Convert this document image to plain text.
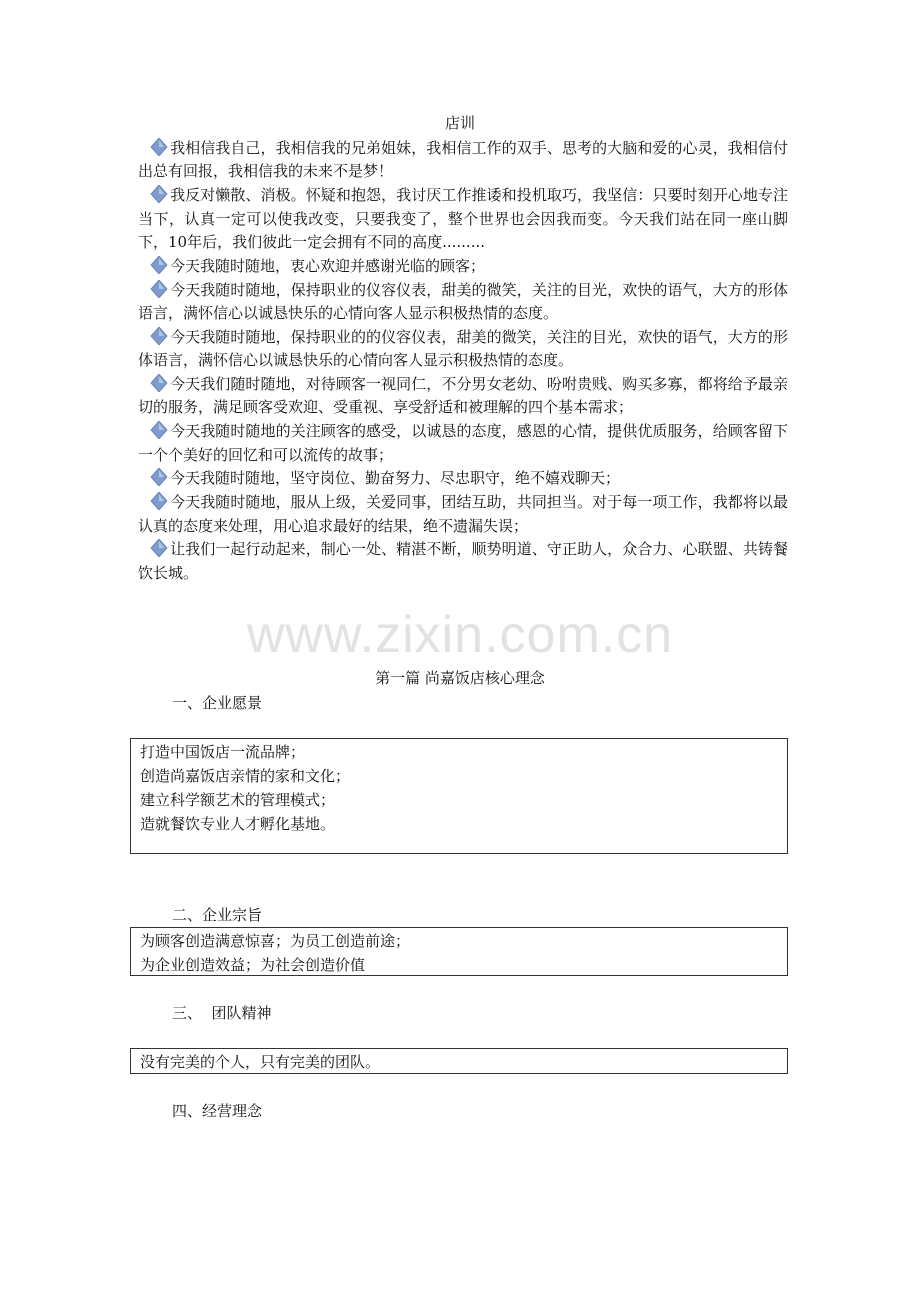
店训
我相信我自己，我相信我的兄弟姐妹，我相信工作的双手、思考的大脑和爱的心灵，我相信付出总有回报，我相信我的未来不是梦！
我反对懒散、消极。怀疑和抱怨，我讨厌工作推诿和投机取巧，我坚信：只要时刻开心地专注当下，认真一定可以使我改变，只要我变了，整个世界也会因我而变。今天我们站在同一座山脚下，10年后，我们彼此一定会拥有不同的高度.........
今天我随时随地，衷心欢迎并感谢光临的顾客；
今天我随时随地，保持职业的仪容仪表，甜美的微笑，关注的目光，欢快的语气，大方的形体语言，满怀信心以诚恳快乐的心情向客人显示积极热情的态度。
今天我随时随地，保持职业的的仪容仪表，甜美的微笑，关注的目光，欢快的语气，大方的形体语言，满怀信心以诚恳快乐的心情向客人显示积极热情的态度。
今天我们随时随地，对待顾客一视同仁，不分男女老幼、吩咐贵贱、购买多寡，都将给予最亲切的服务，满足顾客受欢迎、受重视、享受舒适和被理解的四个基本需求；
今天我随时随地的关注顾客的感受，以诚恳的态度，感恩的心情，提供优质服务，给顾客留下一个个美好的回忆和可以流传的故事；
今天我随时随地，坚守岗位、勤奋努力、尽忠职守，绝不嬉戏聊天；
今天我随时随地，服从上级，关爱同事，团结互助，共同担当。对于每一项工作，我都将以最认真的态度来处理，用心追求最好的结果，绝不遗漏失误；
让我们一起行动起来，制心一处、精湛不断，顺势明道、守正助人，众合力、心联盟、共铸餐饮长城。
www.zixin.com.cn
第一篇 尚嘉饭店核心理念
一、企业愿景
打造中国饭店一流品牌；
创造尚嘉饭店亲情的家和文化；
建立科学额艺术的管理模式；
造就餐饮专业人才孵化基地。
二、企业宗旨
为顾客创造满意惊喜；为员工创造前途；
为企业创造效益；为社会创造价值
三、  团队精神
没有完美的个人，只有完美的团队。
四、经营理念
